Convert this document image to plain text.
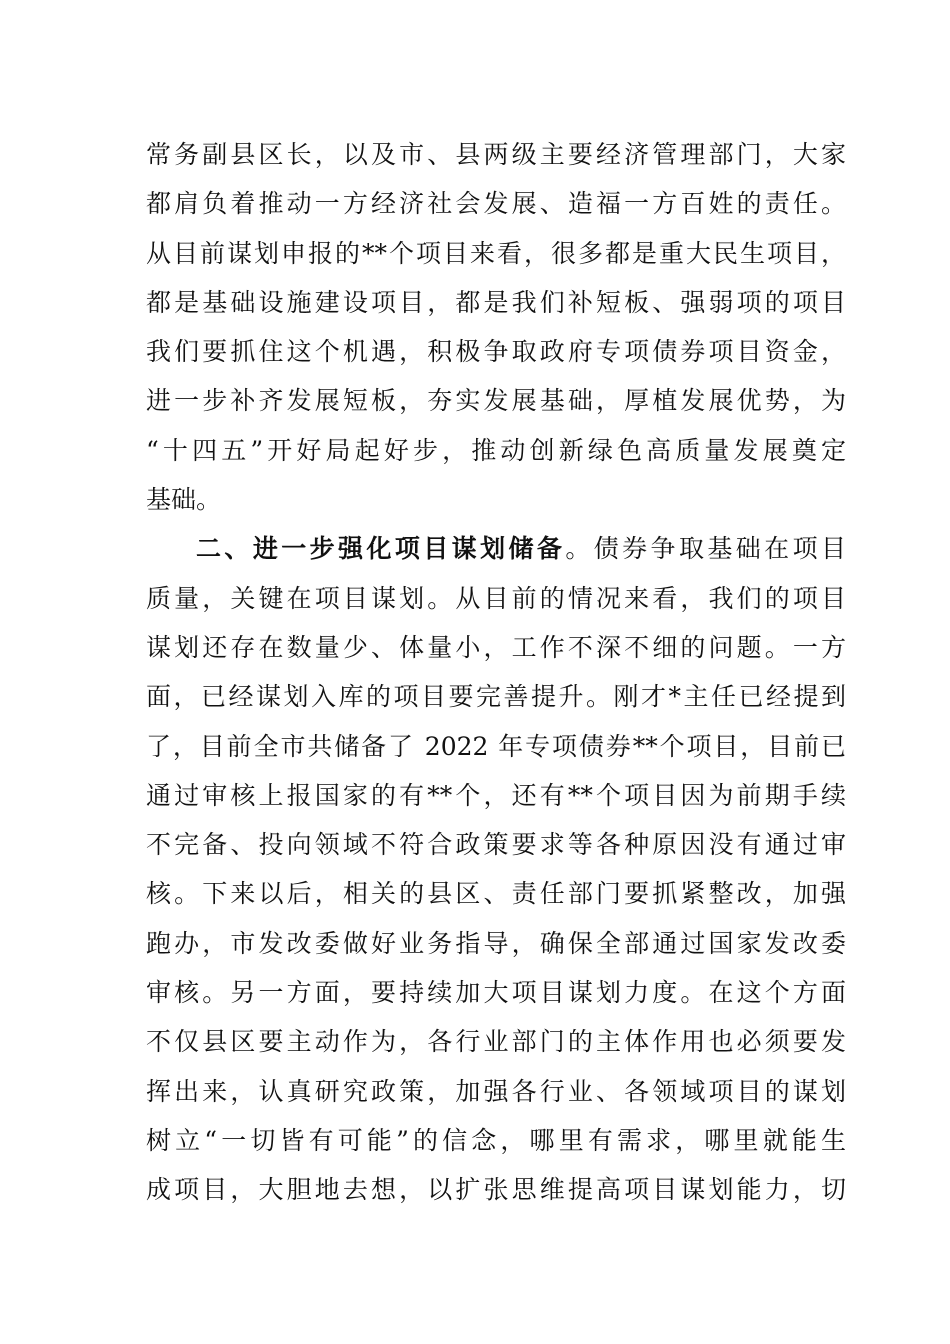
常务副县区长，以及市、县两级主要经济管理部门，大家
都肩负着推动一方经济社会发展、造福一方百姓的责任。
从目前谋划申报的**个项目来看，很多都是重大民生项目，
都是基础设施建设项目，都是我们补短板、强弱项的项目
我们要抓住这个机遇，积极争取政府专项债券项目资金，
进一步补齐发展短板，夯实发展基础，厚植发展优势，为
“十四五”开好局起好步，推动创新绿色高质量发展奠定
基础。
二、进一步强化项目谋划储备。债券争取基础在项目
质量，关键在项目谋划。从目前的情况来看，我们的项目
谋划还存在数量少、体量小，工作不深不细的问题。一方
面，已经谋划入库的项目要完善提升。刚才*主任已经提到
了，目前全市共储备了 2022 年专项债券**个项目，目前已
通过审核上报国家的有**个，还有**个项目因为前期手续
不完备、投向领域不符合政策要求等各种原因没有通过审
核。下来以后，相关的县区、责任部门要抓紧整改，加强
跑办，市发改委做好业务指导，确保全部通过国家发改委
审核。另一方面，要持续加大项目谋划力度。在这个方面
不仅县区要主动作为，各行业部门的主体作用也必须要发
挥出来，认真研究政策，加强各行业、各领域项目的谋划
树立“一切皆有可能”的信念，哪里有需求，哪里就能生
成项目，大胆地去想，以扩张思维提高项目谋划能力，切
